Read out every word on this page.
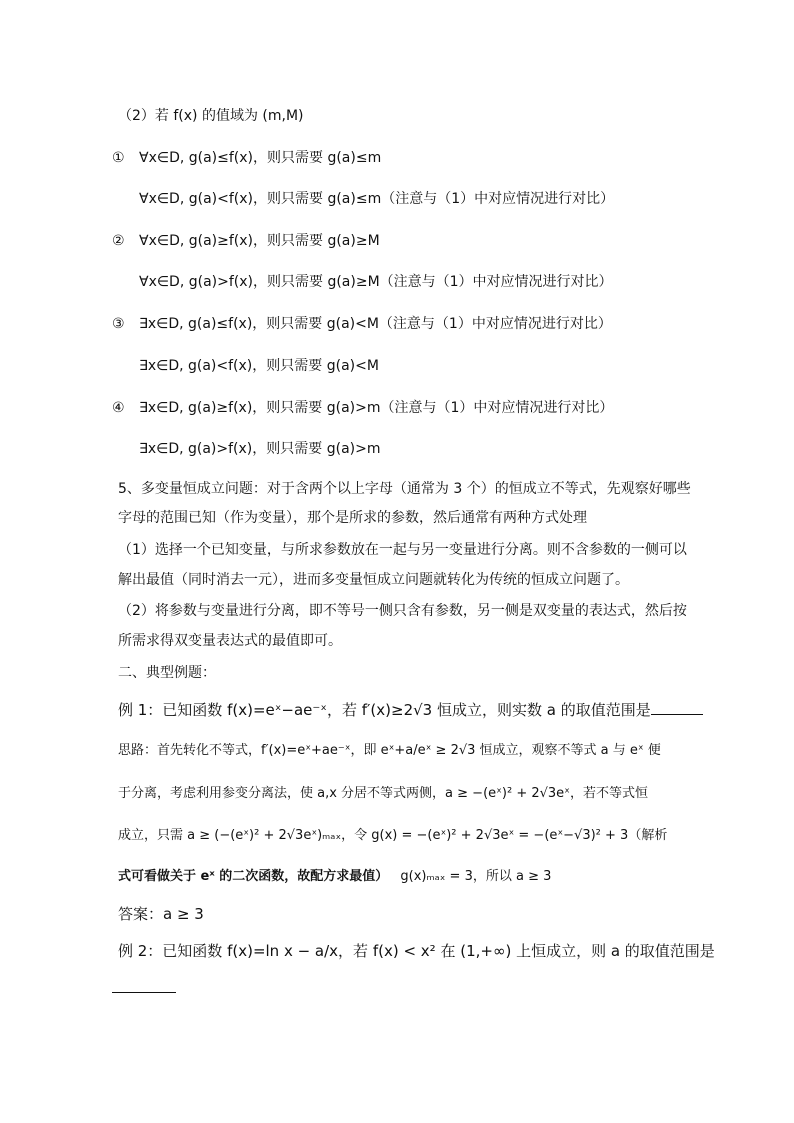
（2）若 f(x) 的值域为 (m,M)
① ∀x∈D, g(a)≤f(x)，则只需要 g(a)≤m
∀x∈D, g(a)<f(x)，则只需要 g(a)≤m（注意与（1）中对应情况进行对比）
② ∀x∈D, g(a)≥f(x)，则只需要 g(a)≥M
∀x∈D, g(a)>f(x)，则只需要 g(a)≥M（注意与（1）中对应情况进行对比）
③ ∃x∈D, g(a)≤f(x)，则只需要 g(a)<M（注意与（1）中对应情况进行对比）
∃x∈D, g(a)<f(x)，则只需要 g(a)<M
④ ∃x∈D, g(a)≥f(x)，则只需要 g(a)>m（注意与（1）中对应情况进行对比）
∃x∈D, g(a)>f(x)，则只需要 g(a)>m
5、多变量恒成立问题：对于含两个以上字母（通常为 3 个）的恒成立不等式，先观察好哪些
字母的范围已知（作为变量），那个是所求的参数，然后通常有两种方式处理
（1）选择一个已知变量，与所求参数放在一起与另一变量进行分离。则不含参数的一侧可以
解出最值（同时消去一元），进而多变量恒成立问题就转化为传统的恒成立问题了。
（2）将参数与变量进行分离，即不等号一侧只含有参数，另一侧是双变量的表达式，然后按
所需求得双变量表达式的最值即可。
二、典型例题：
例 1：已知函数 f(x)=eˣ−ae⁻ˣ，若 f′(x)≥2√3 恒成立，则实数 a 的取值范围是
思路：首先转化不等式，f′(x)=eˣ+ae⁻ˣ，即 eˣ+a/eˣ ≥ 2√3 恒成立，观察不等式 a 与 eˣ 便
于分离，考虑利用参变分离法，使 a,x 分居不等式两侧，a ≥ −(eˣ)² + 2√3eˣ，若不等式恒
成立，只需 a ≥ (−(eˣ)² + 2√3eˣ)ₘₐₓ，令 g(x) = −(eˣ)² + 2√3eˣ = −(eˣ−√3)² + 3（解析
式可看做关于 eˣ 的二次函数，故配方求最值） g(x)ₘₐₓ = 3，所以 a ≥ 3
答案：a ≥ 3
例 2：已知函数 f(x)=ln x − a/x，若 f(x) < x² 在 (1,+∞) 上恒成立，则 a 的取值范围是
